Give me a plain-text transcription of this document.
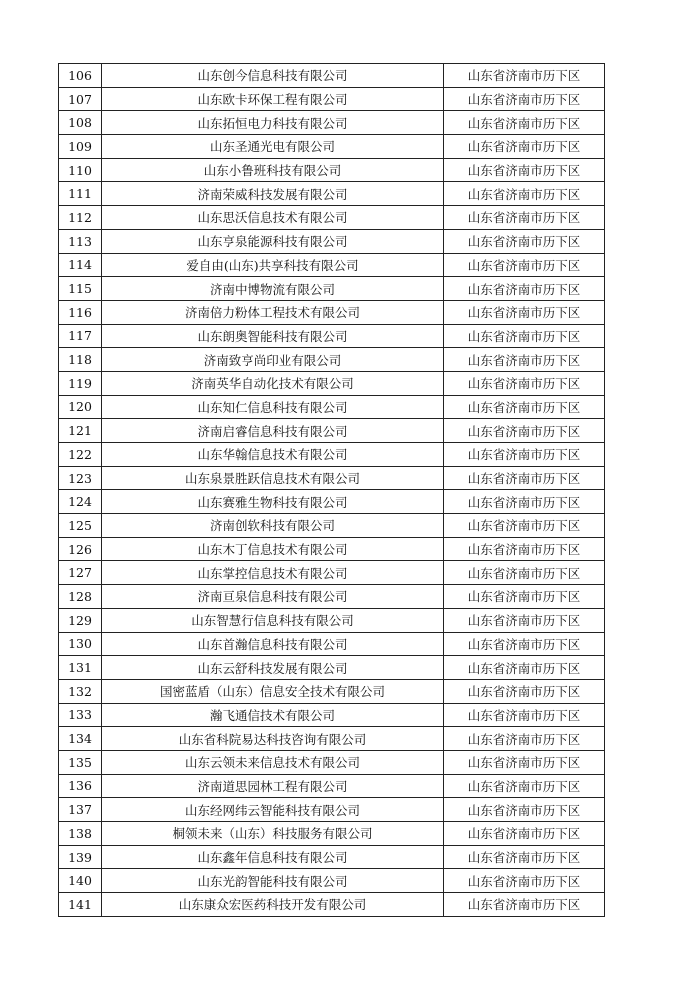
106	山东创今信息科技有限公司	山东省济南市历下区
107	山东欧卡环保工程有限公司	山东省济南市历下区
108	山东拓恒电力科技有限公司	山东省济南市历下区
109	山东圣通光电有限公司	山东省济南市历下区
110	山东小鲁班科技有限公司	山东省济南市历下区
111	济南荣威科技发展有限公司	山东省济南市历下区
112	山东思沃信息技术有限公司	山东省济南市历下区
113	山东亨泉能源科技有限公司	山东省济南市历下区
114	爱自由(山东)共享科技有限公司	山东省济南市历下区
115	济南中博物流有限公司	山东省济南市历下区
116	济南倍力粉体工程技术有限公司	山东省济南市历下区
117	山东朗奥智能科技有限公司	山东省济南市历下区
118	济南致亨尚印业有限公司	山东省济南市历下区
119	济南英华自动化技术有限公司	山东省济南市历下区
120	山东知仁信息科技有限公司	山东省济南市历下区
121	济南启睿信息科技有限公司	山东省济南市历下区
122	山东华翰信息技术有限公司	山东省济南市历下区
123	山东泉景胜跃信息技术有限公司	山东省济南市历下区
124	山东赛雅生物科技有限公司	山东省济南市历下区
125	济南创软科技有限公司	山东省济南市历下区
126	山东木丁信息技术有限公司	山东省济南市历下区
127	山东掌控信息技术有限公司	山东省济南市历下区
128	济南亘泉信息科技有限公司	山东省济南市历下区
129	山东智慧行信息科技有限公司	山东省济南市历下区
130	山东首瀚信息科技有限公司	山东省济南市历下区
131	山东云舒科技发展有限公司	山东省济南市历下区
132	国密蓝盾（山东）信息安全技术有限公司	山东省济南市历下区
133	瀚飞通信技术有限公司	山东省济南市历下区
134	山东省科院易达科技咨询有限公司	山东省济南市历下区
135	山东云领未来信息技术有限公司	山东省济南市历下区
136	济南道思园林工程有限公司	山东省济南市历下区
137	山东经网纬云智能科技有限公司	山东省济南市历下区
138	桐领未来（山东）科技服务有限公司	山东省济南市历下区
139	山东鑫年信息科技有限公司	山东省济南市历下区
140	山东光韵智能科技有限公司	山东省济南市历下区
141	山东康众宏医药科技开发有限公司	山东省济南市历下区
